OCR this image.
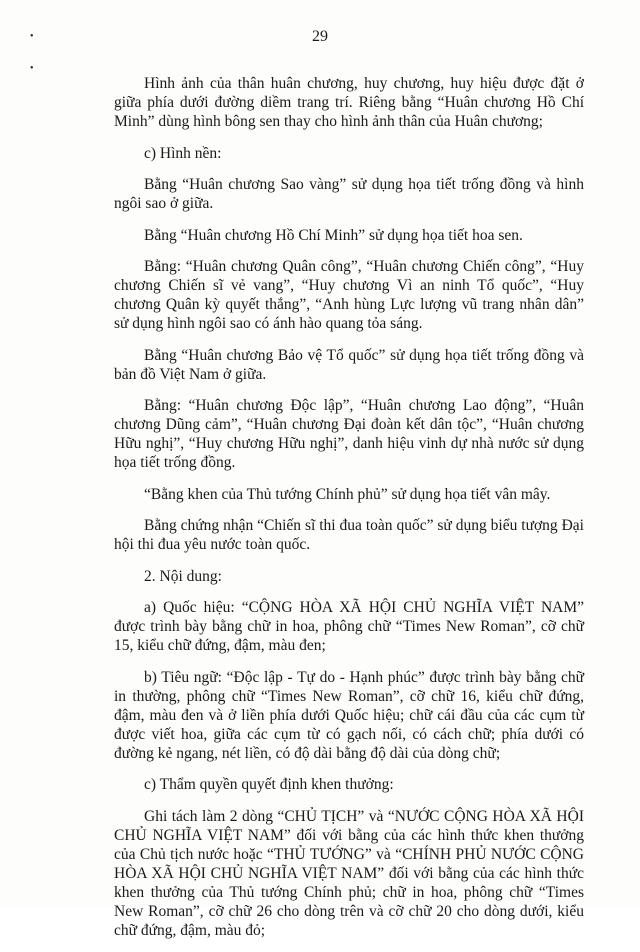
•
•
29

Hình ảnh của thân huân chương, huy chương, huy hiệu được đặt ở giữa phía dưới đường diềm trang trí. Riêng bằng “Huân chương Hồ Chí Minh” dùng hình bông sen thay cho hình ảnh thân của Huân chương;

c) Hình nền:

Bằng “Huân chương Sao vàng” sử dụng họa tiết trống đồng và hình ngôi sao ở giữa.

Bằng “Huân chương Hồ Chí Minh” sử dụng họa tiết hoa sen.

Bằng: “Huân chương Quân công”, “Huân chương Chiến công”, “Huy chương Chiến sĩ vẻ vang”, “Huy chương Vì an ninh Tổ quốc”, “Huy chương Quân kỳ quyết thắng”, “Anh hùng Lực lượng vũ trang nhân dân” sử dụng hình ngôi sao có ánh hào quang tỏa sáng.

Bằng “Huân chương Bảo vệ Tổ quốc” sử dụng họa tiết trống đồng và bản đồ Việt Nam ở giữa.

Bằng: “Huân chương Độc lập”, “Huân chương Lao động”, “Huân chương Dũng cảm”, “Huân chương Đại đoàn kết dân tộc”, “Huân chương Hữu nghị”, “Huy chương Hữu nghị”, danh hiệu vinh dự nhà nước sử dụng họa tiết trống đồng.

“Bằng khen của Thủ tướng Chính phủ” sử dụng họa tiết vân mây.

Bằng chứng nhận “Chiến sĩ thi đua toàn quốc” sử dụng biểu tượng Đại hội thi đua yêu nước toàn quốc.

2. Nội dung:

a) Quốc hiệu: “CỘNG HÒA XÃ HỘI CHỦ NGHĨA VIỆT NAM” được trình bày bằng chữ in hoa, phông chữ “Times New Roman”, cỡ chữ 15, kiểu chữ đứng, đậm, màu đen;

b) Tiêu ngữ: “Độc lập - Tự do - Hạnh phúc” được trình bày bằng chữ in thường, phông chữ “Times New Roman”, cỡ chữ 16, kiểu chữ đứng, đậm, màu đen và ở liền phía dưới Quốc hiệu; chữ cái đầu của các cụm từ được viết hoa, giữa các cụm từ có gạch nối, có cách chữ; phía dưới có đường kẻ ngang, nét liền, có độ dài bằng độ dài của dòng chữ;

c) Thẩm quyền quyết định khen thưởng:

Ghi tách làm 2 dòng “CHỦ TỊCH” và “NƯỚC CỘNG HÒA XÃ HỘI CHỦ NGHĨA VIỆT NAM” đối với bằng của các hình thức khen thưởng của Chủ tịch nước hoặc “THỦ TƯỚNG” và “CHÍNH PHỦ NƯỚC CỘNG HÒA XÃ HỘI CHỦ NGHĨA VIỆT NAM” đối với bằng của các hình thức khen thưởng của Thủ tướng Chính phủ; chữ in hoa, phông chữ “Times New Roman”, cỡ chữ 26 cho dòng trên và cỡ chữ 20 cho dòng dưới, kiểu chữ đứng, đậm, màu đỏ;
